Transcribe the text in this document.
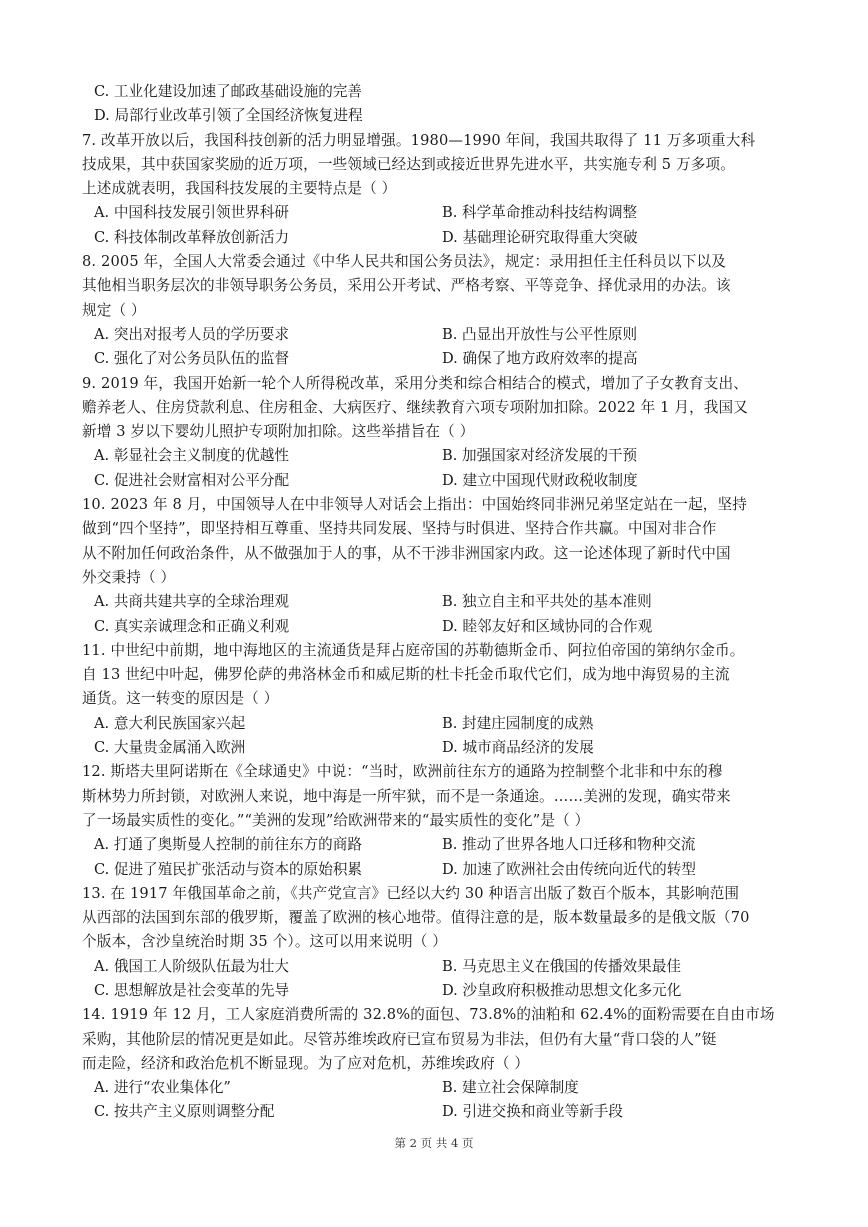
C. 工业化建设加速了邮政基础设施的完善
D. 局部行业改革引领了全国经济恢复进程
7. 改革开放以后，我国科技创新的活力明显增强。1980—1990 年间，我国共取得了 11 万多项重大科
技成果，其中获国家奖励的近万项，一些领域已经达到或接近世界先进水平，共实施专利 5 万多项。
上述成就表明，我国科技发展的主要特点是（ ）
A. 中国科技发展引领世界科研	B. 科学革命推动科技结构调整
C. 科技体制改革释放创新活力	D. 基础理论研究取得重大突破
8. 2005 年，全国人大常委会通过《中华人民共和国公务员法》，规定：录用担任主任科员以下以及
其他相当职务层次的非领导职务公务员，采用公开考试、严格考察、平等竞争、择优录用的办法。该
规定（ ）
A. 突出对报考人员的学历要求	B. 凸显出开放性与公平性原则
C. 强化了对公务员队伍的监督	D. 确保了地方政府效率的提高
9. 2019 年，我国开始新一轮个人所得税改革，采用分类和综合相结合的模式，增加了子女教育支出、
赡养老人、住房贷款利息、住房租金、大病医疗、继续教育六项专项附加扣除。2022 年 1 月，我国又
新增 3 岁以下婴幼儿照护专项附加扣除。这些举措旨在（ ）
A. 彰显社会主义制度的优越性	B. 加强国家对经济发展的干预
C. 促进社会财富相对公平分配	D. 建立中国现代财政税收制度
10. 2023 年 8 月，中国领导人在中非领导人对话会上指出：中国始终同非洲兄弟坚定站在一起，坚持
做到“四个坚持”，即坚持相互尊重、坚持共同发展、坚持与时俱进、坚持合作共赢。中国对非合作
从不附加任何政治条件，从不做强加于人的事，从不干涉非洲国家内政。这一论述体现了新时代中国
外交秉持（ ）
A. 共商共建共享的全球治理观	B. 独立自主和平共处的基本准则
C. 真实亲诚理念和正确义利观	D. 睦邻友好和区域协同的合作观
11. 中世纪中前期，地中海地区的主流通货是拜占庭帝国的苏勒德斯金币、阿拉伯帝国的第纳尔金币。
自 13 世纪中叶起，佛罗伦萨的弗洛林金币和威尼斯的杜卡托金币取代它们，成为地中海贸易的主流
通货。这一转变的原因是（ ）
A. 意大利民族国家兴起	B. 封建庄园制度的成熟
C. 大量贵金属涌入欧洲	D. 城市商品经济的发展
12. 斯塔夫里阿诺斯在《全球通史》中说：“当时，欧洲前往东方的通路为控制整个北非和中东的穆
斯林势力所封锁，对欧洲人来说，地中海是一所牢狱，而不是一条通途。……美洲的发现，确实带来
了一场最实质性的变化。”“美洲的发现”给欧洲带来的“最实质性的变化”是（ ）
A. 打通了奥斯曼人控制的前往东方的商路	B. 推动了世界各地人口迁移和物种交流
C. 促进了殖民扩张活动与资本的原始积累	D. 加速了欧洲社会由传统向近代的转型
13. 在 1917 年俄国革命之前，《共产党宣言》已经以大约 30 种语言出版了数百个版本，其影响范围
从西部的法国到东部的俄罗斯，覆盖了欧洲的核心地带。值得注意的是，版本数量最多的是俄文版（70
个版本，含沙皇统治时期 35 个）。这可以用来说明（ ）
A. 俄国工人阶级队伍最为壮大	B. 马克思主义在俄国的传播效果最佳
C. 思想解放是社会变革的先导	D. 沙皇政府积极推动思想文化多元化
14. 1919 年 12 月，工人家庭消费所需的 32.8%的面包、73.8%的油粕和 62.4%的面粉需要在自由市场
采购，其他阶层的情况更是如此。尽管苏维埃政府已宣布贸易为非法，但仍有大量“背口袋的人”铤
而走险，经济和政治危机不断显现。为了应对危机，苏维埃政府（ ）
A. 进行“农业集体化”	B. 建立社会保障制度
C. 按共产主义原则调整分配	D. 引进交换和商业等新手段
第 2 页 共 4 页
